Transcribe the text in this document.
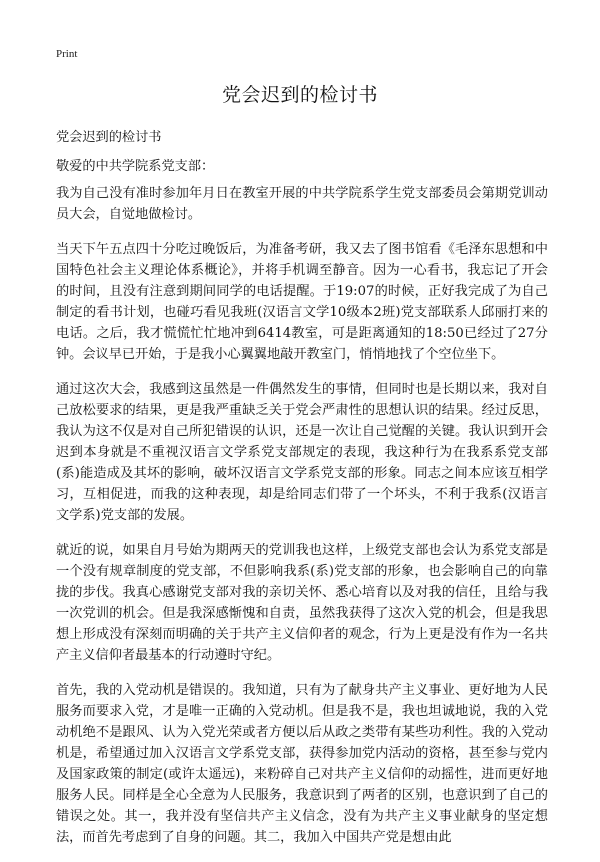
Print
党会迟到的检讨书
党会迟到的检讨书
敬爱的中共学院系党支部：

我为自己没有准时参加年月日在教室开展的中共学院系学生党支部委员会第期党训动员大会，自觉地做检讨。

当天下午五点四十分吃过晚饭后，为准备考研，我又去了图书馆看《毛泽东思想和中国特色社会主义理论体系概论》，并将手机调至静音。因为一心看书，我忘记了开会的时间，且没有注意到期间同学的电话提醒。于19:07的时候，正好我完成了为自己制定的看书计划，也碰巧看见我班(汉语言文学10级本2班)党支部联系人邱丽打来的电话。之后，我才慌慌忙忙地冲到6414教室，可是距离通知的18:50已经过了27分钟。会议早已开始，于是我小心翼翼地敲开教室门，悄悄地找了个空位坐下。

通过这次大会，我感到这虽然是一件偶然发生的事情，但同时也是长期以来，我对自己放松要求的结果，更是我严重缺乏关于党会严肃性的思想认识的结果。经过反思，我认为这不仅是对自己所犯错误的认识，还是一次让自己觉醒的关键。我认识到开会迟到本身就是不重视汉语言文学系党支部规定的表现，我这种行为在我系系党支部(系)能造成及其坏的影响，破坏汉语言文学系党支部的形象。同志之间本应该互相学习，互相促进，而我的这种表现，却是给同志们带了一个坏头，不利于我系(汉语言文学系)党支部的发展。

就近的说，如果自月号始为期两天的党训我也这样，上级党支部也会认为系党支部是一个没有规章制度的党支部，不但影响我系(系)党支部的形象，也会影响自己的向靠拢的步伐。我真心感谢党支部对我的亲切关怀、悉心培育以及对我的信任，且给与我一次党训的机会。但是我深感惭愧和自责，虽然我获得了这次入党的机会，但是我思想上形成没有深刻而明确的关于共产主义信仰者的观念，行为上更是没有作为一名共产主义信仰者最基本的行动遵时守纪。

首先，我的入党动机是错误的。我知道，只有为了献身共产主义事业、更好地为人民服务而要求入党，才是唯一正确的入党动机。但是我不是，我也坦诚地说，我的入党动机绝不是跟风、认为入党光荣或者方便以后从政之类带有某些功利性。我的入党动机是，希望通过加入汉语言文学系党支部，获得参加党内活动的资格，甚至参与党内及国家政策的制定(或许太遥远)，来粉碎自己对共产主义信仰的动摇性，进而更好地服务人民。同样是全心全意为人民服务，我意识到了两者的区别，也意识到了自己的错误之处。其一，我并没有坚信共产主义信念，没有为共产主义事业献身的坚定想法，而首先考虑到了自身的问题。其二，我加入中国共产党是想由此
